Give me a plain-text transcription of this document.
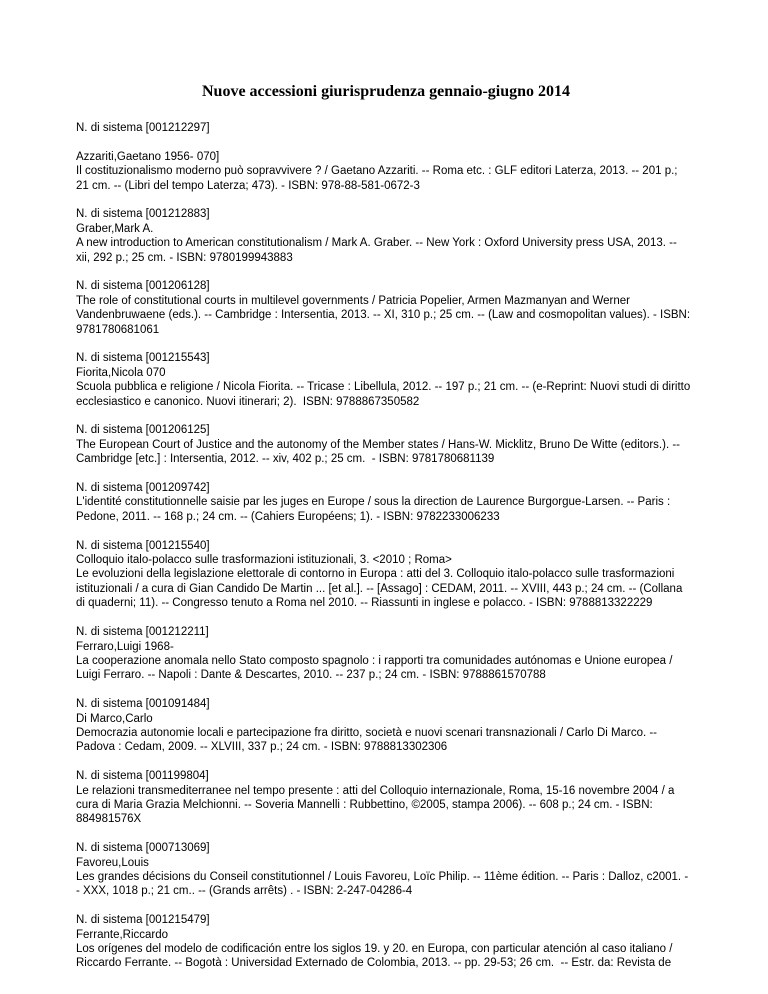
Nuove accessioni giurisprudenza gennaio-giugno 2014
N. di sistema [001212297]
Azzariti,Gaetano 1956- 070]
Il costituzionalismo moderno può sopravvivere ? / Gaetano Azzariti. -- Roma etc. : GLF editori Laterza, 2013. -- 201 p.;
21 cm. -- (Libri del tempo Laterza; 473). - ISBN: 978-88-581-0672-3
N. di sistema [001212883]
Graber,Mark A.
A new introduction to American constitutionalism / Mark A. Graber. -- New York : Oxford University press USA, 2013. --
xii, 292 p.; 25 cm. - ISBN: 9780199943883
N. di sistema [001206128]
The role of constitutional courts in multilevel governments / Patricia Popelier, Armen Mazmanyan and Werner
Vandenbruwaene (eds.). -- Cambridge : Intersentia, 2013. -- XI, 310 p.; 25 cm. -- (Law and cosmopolitan values). - ISBN:
9781780681061
N. di sistema [001215543]
Fiorita,Nicola 070
Scuola pubblica e religione / Nicola Fiorita. -- Tricase : Libellula, 2012. -- 197 p.; 21 cm. -- (e-Reprint: Nuovi studi di diritto
ecclesiastico e canonico. Nuovi itinerari; 2).  ISBN: 9788867350582
N. di sistema [001206125]
The European Court of Justice and the autonomy of the Member states / Hans-W. Micklitz, Bruno De Witte (editors.). --
Cambridge [etc.] : Intersentia, 2012. -- xiv, 402 p.; 25 cm.  - ISBN: 9781780681139
N. di sistema [001209742]
L'identité constitutionnelle saisie par les juges en Europe / sous la direction de Laurence Burgorgue-Larsen. -- Paris :
Pedone, 2011. -- 168 p.; 24 cm. -- (Cahiers Européens; 1). - ISBN: 9782233006233
N. di sistema [001215540]
Colloquio italo-polacco sulle trasformazioni istituzionali, 3. <2010 ; Roma>
Le evoluzioni della legislazione elettorale di contorno in Europa : atti del 3. Colloquio italo-polacco sulle trasformazioni
istituzionali / a cura di Gian Candido De Martin ... [et al.]. -- [Assago] : CEDAM, 2011. -- XVIII, 443 p.; 24 cm. -- (Collana
di quaderni; 11). -- Congresso tenuto a Roma nel 2010. -- Riassunti in inglese e polacco. - ISBN: 9788813322229
N. di sistema [001212211]
Ferraro,Luigi 1968-
La cooperazione anomala nello Stato composto spagnolo : i rapporti tra comunidades autónomas e Unione europea /
Luigi Ferraro. -- Napoli : Dante & Descartes, 2010. -- 237 p.; 24 cm. - ISBN: 9788861570788
N. di sistema [001091484]
Di Marco,Carlo
Democrazia autonomie locali e partecipazione fra diritto, società e nuovi scenari transnazionali / Carlo Di Marco. --
Padova : Cedam, 2009. -- XLVIII, 337 p.; 24 cm. - ISBN: 9788813302306
N. di sistema [001199804]
Le relazioni transmediterranee nel tempo presente : atti del Colloquio internazionale, Roma, 15-16 novembre 2004 / a
cura di Maria Grazia Melchionni. -- Soveria Mannelli : Rubbettino, ©2005, stampa 2006). -- 608 p.; 24 cm. - ISBN:
884981576X
N. di sistema [000713069]
Favoreu,Louis
Les grandes décisions du Conseil constitutionnel / Louis Favoreu, Loïc Philip. -- 11ème édition. -- Paris : Dalloz, c2001. -
- XXX, 1018 p.; 21 cm.. -- (Grands arrêts) . - ISBN: 2-247-04286-4
N. di sistema [001215479]
Ferrante,Riccardo
Los orígenes del modelo de codificación entre los siglos 19. y 20. en Europa, con particular atención al caso italiano /
Riccardo Ferrante. -- Bogotà : Universidad Externado de Colombia, 2013. -- pp. 29-53; 26 cm.  -- Estr. da: Revista de
